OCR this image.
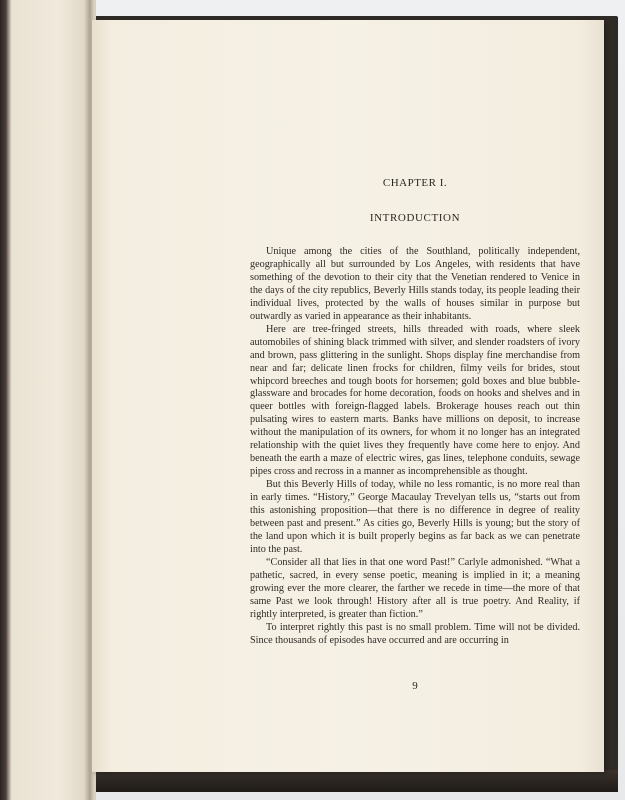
CHAPTER I.
INTRODUCTION

Unique among the cities of the Southland, politically independent, geographically all but surrounded by Los Angeles, with residents that have something of the devotion to their city that the Venetian rendered to Venice in the days of the city republics, Beverly Hills stands today, its people leading their individual lives, protected by the walls of houses similar in purpose but outwardly as varied in appearance as their inhabitants.

Here are tree-fringed streets, hills threaded with roads, where sleek automobiles of shining black trimmed with silver, and slender roadsters of ivory and brown, pass glittering in the sunlight. Shops display fine merchandise from near and far; delicate linen frocks for children, filmy veils for brides, stout whipcord breeches and tough boots for horsemen; gold boxes and blue bubble-glassware and brocades for home decoration, foods on hooks and shelves and in queer bottles with foreign-flagged labels. Brokerage houses reach out thin pulsating wires to eastern marts. Banks have millions on deposit, to increase without the manipulation of its owners, for whom it no longer has an integrated relationship with the quiet lives they frequently have come here to enjoy. And beneath the earth a maze of electric wires, gas lines, telephone conduits, sewage pipes cross and recross in a manner as incomprehensible as thought.

But this Beverly Hills of today, while no less romantic, is no more real than in early times. “History,” George Macaulay Trevelyan tells us, “starts out from this astonishing proposition—that there is no difference in degree of reality between past and present.” As cities go, Beverly Hills is young; but the story of the land upon which it is built properly begins as far back as we can penetrate into the past.

“Consider all that lies in that one word Past!” Carlyle admonished. “What a pathetic, sacred, in every sense poetic, meaning is implied in it; a meaning growing ever the more clearer, the farther we recede in time—the more of that same Past we look through! History after all is true poetry. And Reality, if rightly interpreted, is greater than fiction.”

To interpret rightly this past is no small problem. Time will not be divided. Since thousands of episodes have occurred and are occurring in

9
